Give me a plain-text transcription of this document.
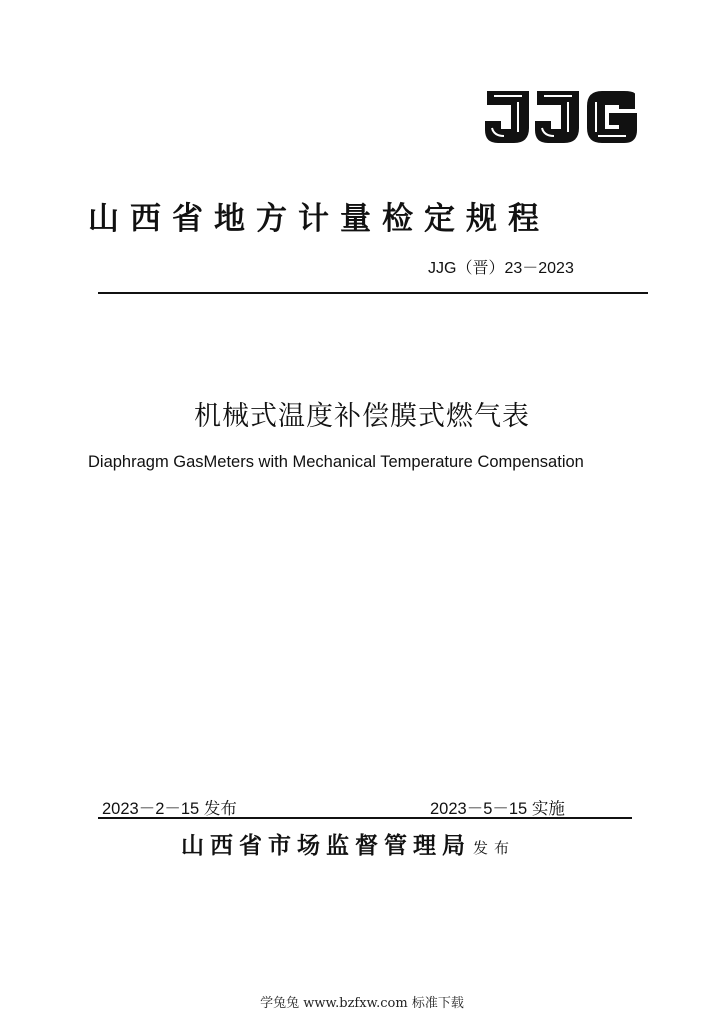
山西省地方计量检定规程
JJG（晋）23－2023
机械式温度补偿膜式燃气表
Diaphragm GasMeters with Mechanical Temperature Compensation
2023－2－15 发布	2023－5－15 实施
山西省市场监督管理局 发布
学兔兔 www.bzfxw.com 标准下载
